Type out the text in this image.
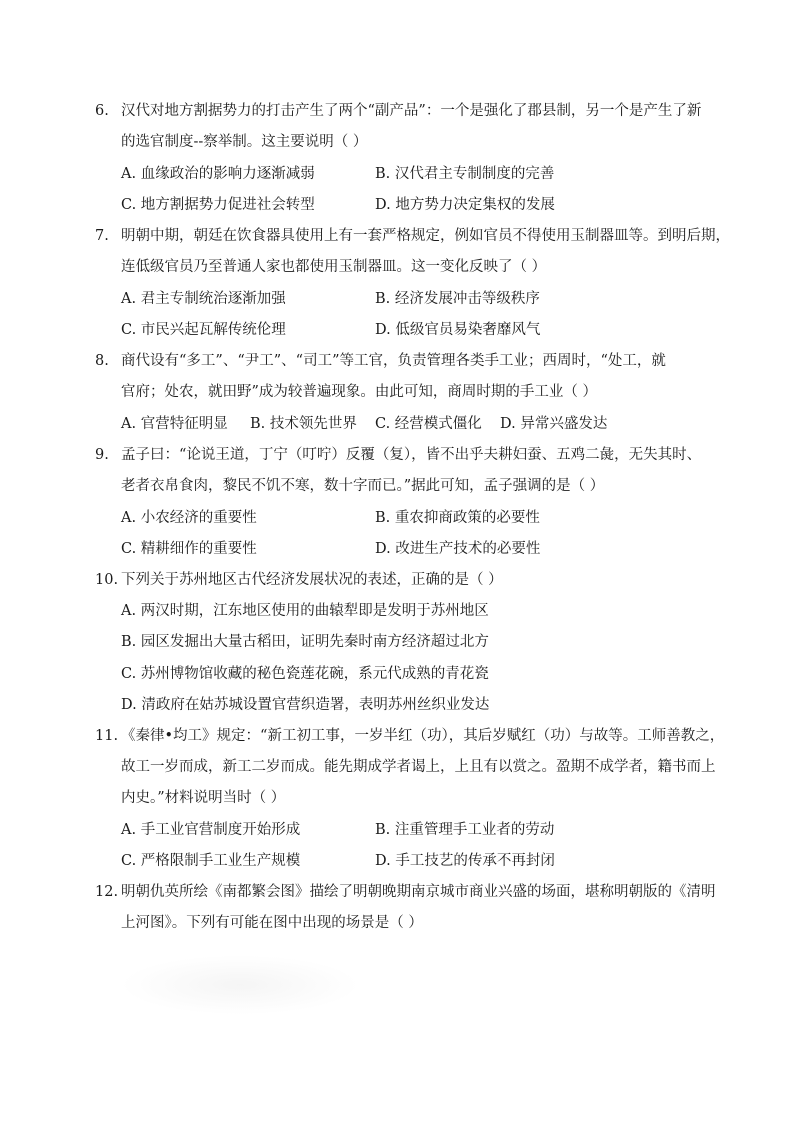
6. 汉代对地方割据势力的打击产生了两个“副产品”：一个是强化了郡县制，另一个是产生了新
的选官制度--察举制。这主要说明（ ）
A. 血缘政治的影响力逐渐减弱	B. 汉代君主专制制度的完善
C. 地方割据势力促进社会转型	D. 地方势力决定集权的发展
7. 明朝中期，朝廷在饮食器具使用上有一套严格规定，例如官员不得使用玉制器皿等。到明后期，
连低级官员乃至普通人家也都使用玉制器皿。这一变化反映了（ ）
A. 君主专制统治逐渐加强	B. 经济发展冲击等级秩序
C. 市民兴起瓦解传统伦理	D. 低级官员易染奢靡风气
8. 商代设有“多工”、“尹工”、“司工”等工官，负责管理各类手工业；西周时，“处工，就
官府；处农，就田野”成为较普遍现象。由此可知，商周时期的手工业（ ）
A. 官营特征明显 B. 技术领先世界 C. 经营模式僵化 D. 异常兴盛发达
9. 孟子曰：“论说王道，丁宁（叮咛）反覆（复），皆不出乎夫耕妇蚕、五鸡二彘，无失其时、
老者衣帛食肉，黎民不饥不寒，数十字而已。”据此可知，孟子强调的是（ ）
A. 小农经济的重要性	B. 重农抑商政策的必要性
C. 精耕细作的重要性	D. 改进生产技术的必要性
10. 下列关于苏州地区古代经济发展状况的表述，正确的是（ ）
A. 两汉时期，江东地区使用的曲辕犁即是发明于苏州地区
B. 园区发掘出大量古稻田，证明先秦时南方经济超过北方
C. 苏州博物馆收藏的秘色瓷莲花碗，系元代成熟的青花瓷
D. 清政府在姑苏城设置官营织造署，表明苏州丝织业发达
11. 《秦律•均工》规定：“新工初工事，一岁半红（功），其后岁赋红（功）与故等。工师善教之，
故工一岁而成，新工二岁而成。能先期成学者谒上，上且有以赏之。盈期不成学者，籍书而上
内史。”材料说明当时（ ）
A. 手工业官营制度开始形成	B. 注重管理手工业者的劳动
C. 严格限制手工业生产规模	D. 手工技艺的传承不再封闭
12. 明朝仇英所绘《南都繁会图》描绘了明朝晚期南京城市商业兴盛的场面，堪称明朝版的《清明
上河图》。下列有可能在图中出现的场景是（ ）
